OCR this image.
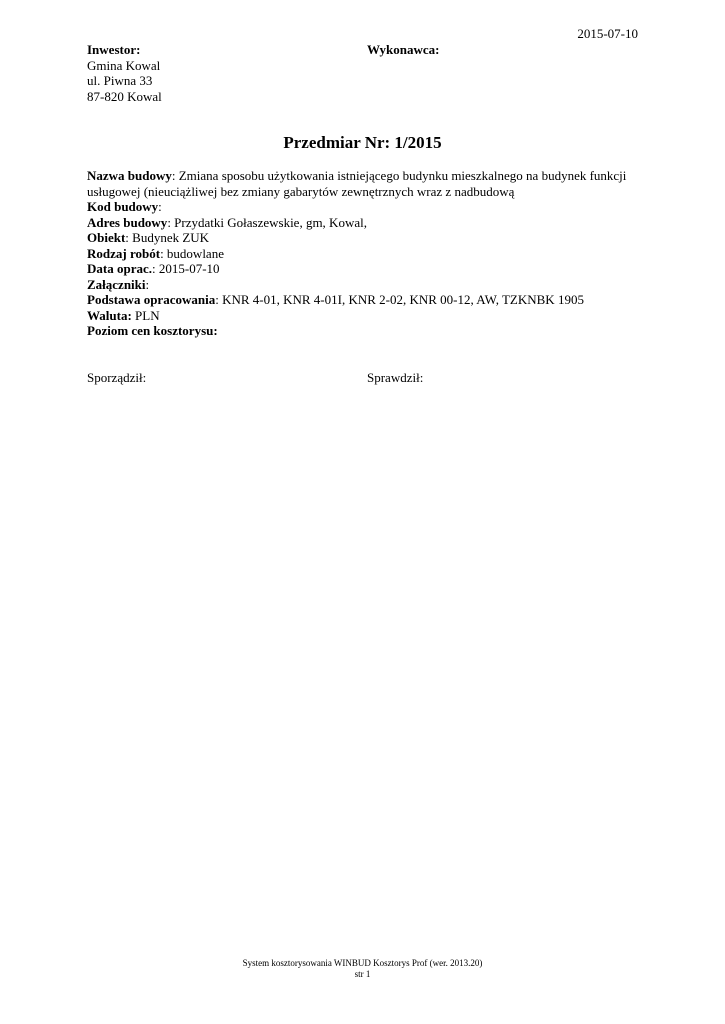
2015-07-10
Inwestor:
Gmina Kowal
ul. Piwna 33
87-820 Kowal
Wykonawca:
Przedmiar Nr: 1/2015
Nazwa budowy: Zmiana sposobu użytkowania istniejącego budynku mieszkalnego na budynek funkcji usługowej (nieuciążliwej bez zmiany gabarytów zewnętrznych wraz z nadbudową
Kod budowy:
Adres budowy: Przydatki Gołaszewskie, gm, Kowal,
Obiekt: Budynek ZUK
Rodzaj robót: budowlane
Data oprac.: 2015-07-10
Załączniki:
Podstawa opracowania: KNR 4-01, KNR 4-01I, KNR 2-02, KNR 00-12, AW, TZKNBK 1905
Waluta: PLN
Poziom cen kosztorysu:
Sporządził:	Sprawdził:
System kosztorysowania WINBUD Kosztorys Prof (wer. 2013.20)
str 1
